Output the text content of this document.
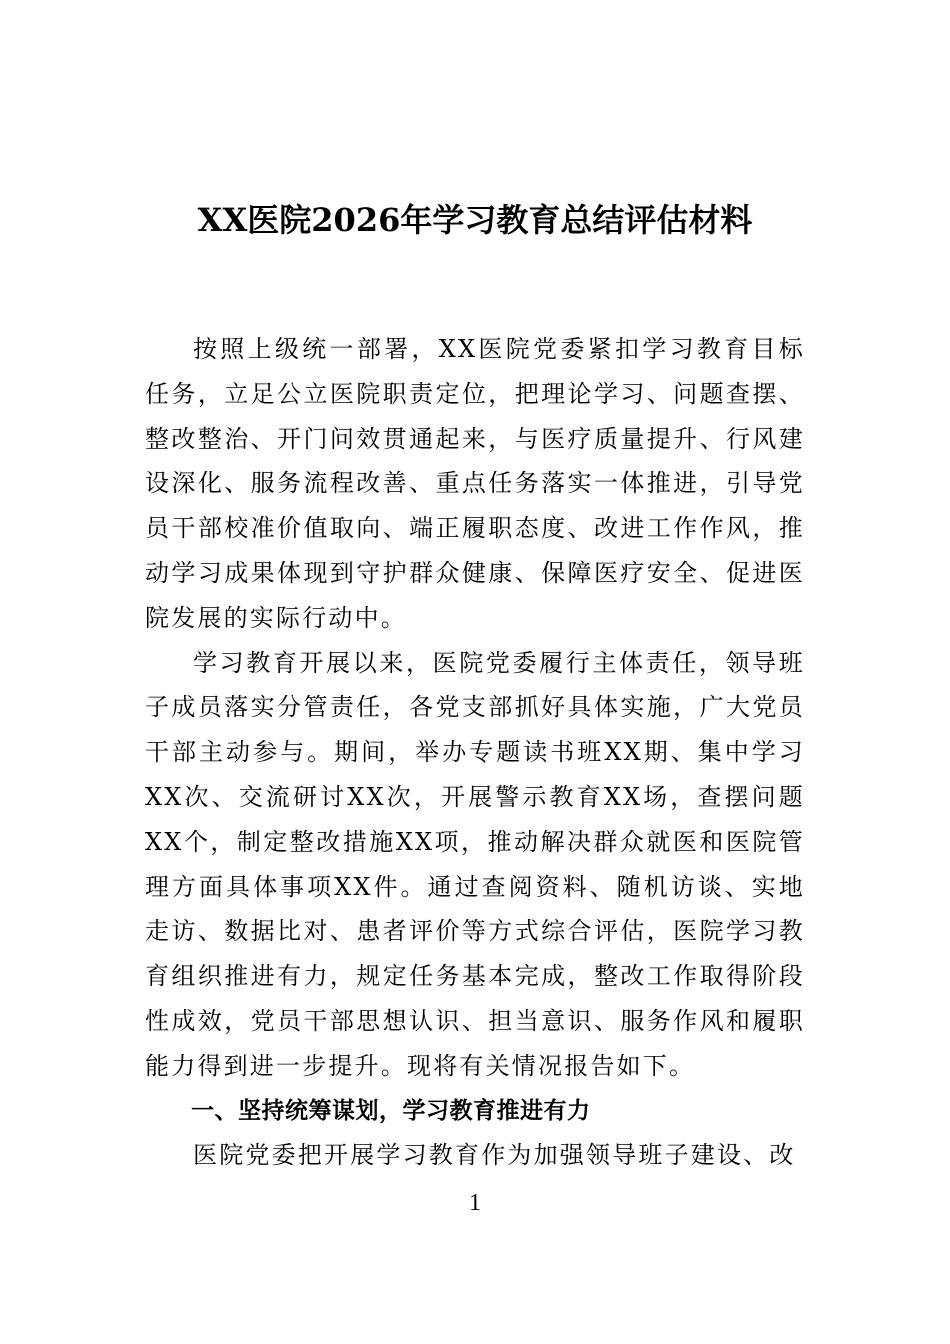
XX医院2026年学习教育总结评估材料

按照上级统一部署，XX医院党委紧扣学习教育目标任务，立足公立医院职责定位，把理论学习、问题查摆、整改整治、开门问效贯通起来，与医疗质量提升、行风建设深化、服务流程改善、重点任务落实一体推进，引导党员干部校准价值取向、端正履职态度、改进工作作风，推动学习成果体现到守护群众健康、保障医疗安全、促进医院发展的实际行动中。

学习教育开展以来，医院党委履行主体责任，领导班子成员落实分管责任，各党支部抓好具体实施，广大党员干部主动参与。期间，举办专题读书班XX期、集中学习XX次、交流研讨XX次，开展警示教育XX场，查摆问题XX个，制定整改措施XX项，推动解决群众就医和医院管理方面具体事项XX件。通过查阅资料、随机访谈、实地走访、数据比对、患者评价等方式综合评估，医院学习教育组织推进有力，规定任务基本完成，整改工作取得阶段性成效，党员干部思想认识、担当意识、服务作风和履职能力得到进一步提升。现将有关情况报告如下。

一、坚持统筹谋划，学习教育推进有力

医院党委把开展学习教育作为加强领导班子建设、改

1
